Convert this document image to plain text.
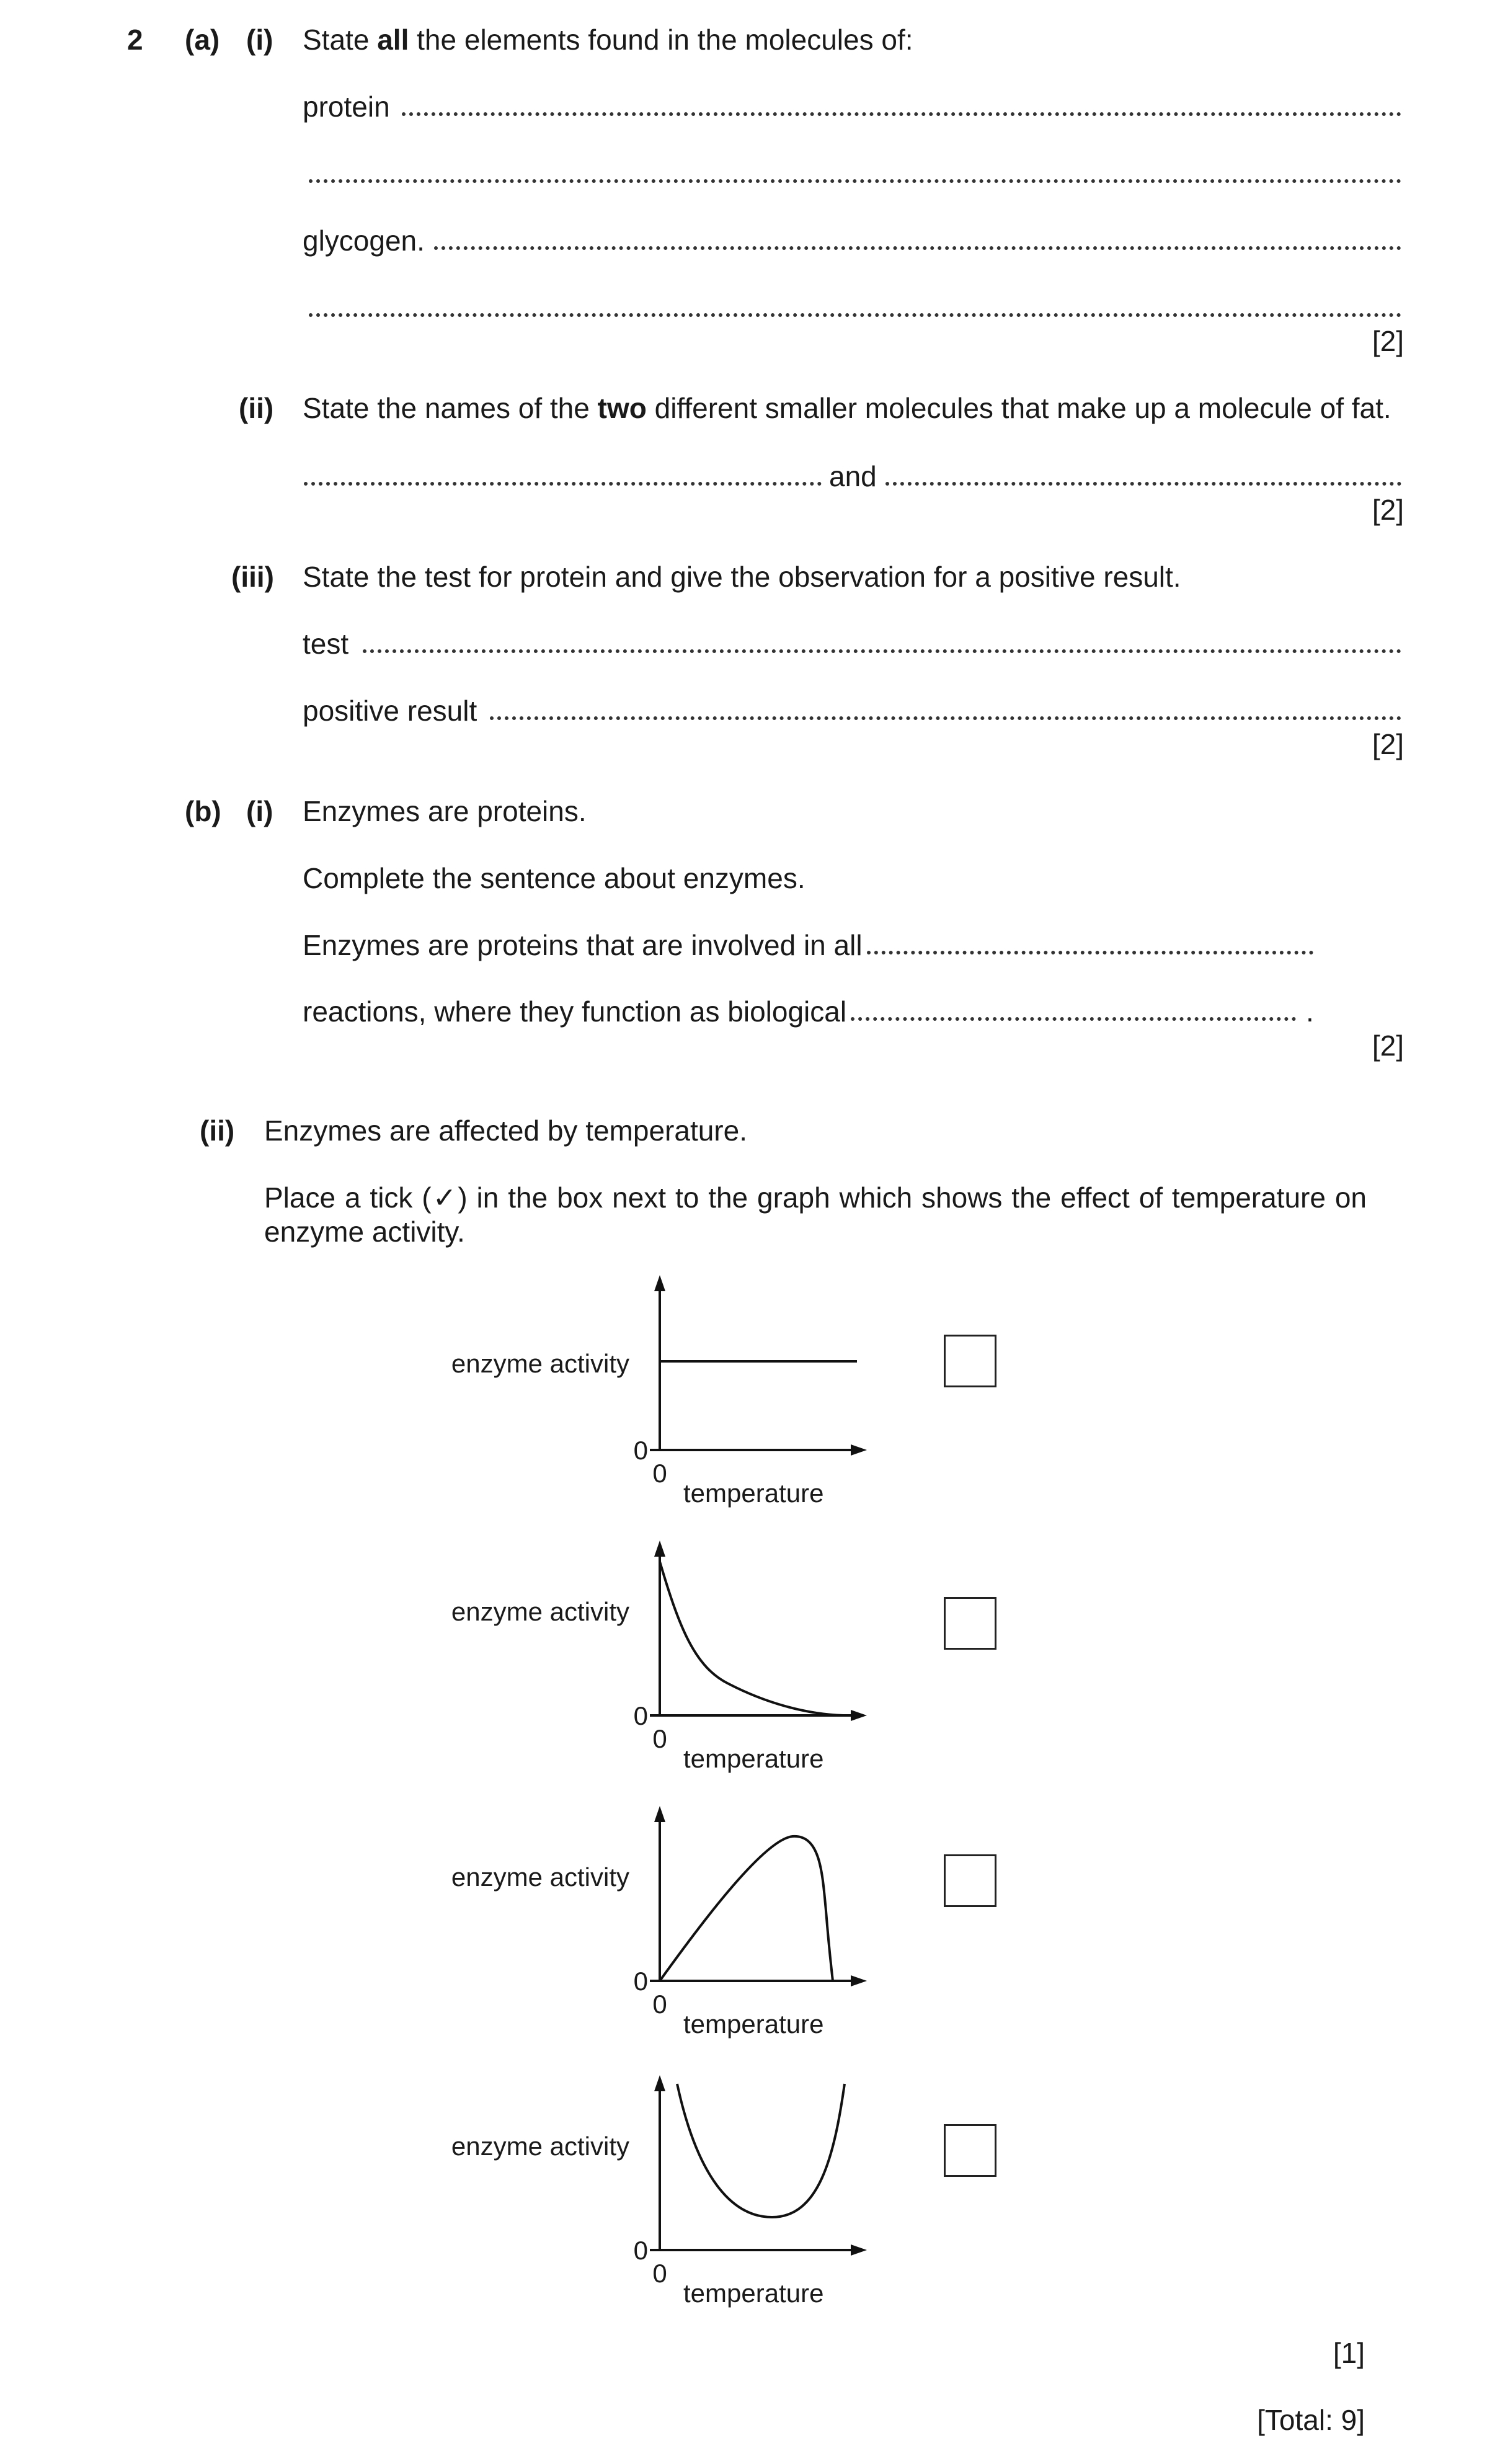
2 (a) (i) State all the elements found in the molecules of:
protein
glycogen.
[2]
(ii) State the names of the two different smaller molecules that make up a molecule of fat.
and
[2]
(iii) State the test for protein and give the observation for a positive result.
test
positive result
[2]
(b) (i) Enzymes are proteins.
Complete the sentence about enzymes.
Enzymes are proteins that are involved in all
reactions, where they function as biological	.
[2]
(ii) Enzymes are affected by temperature.
Place a tick (✓) in the box next to the graph which shows the effect of temperature on
enzyme activity.
enzyme activity
0
0
temperature
enzyme activity
0
0
temperature
enzyme activity
0
0
temperature
enzyme activity
0
0
temperature
[1]
[Total: 9]
